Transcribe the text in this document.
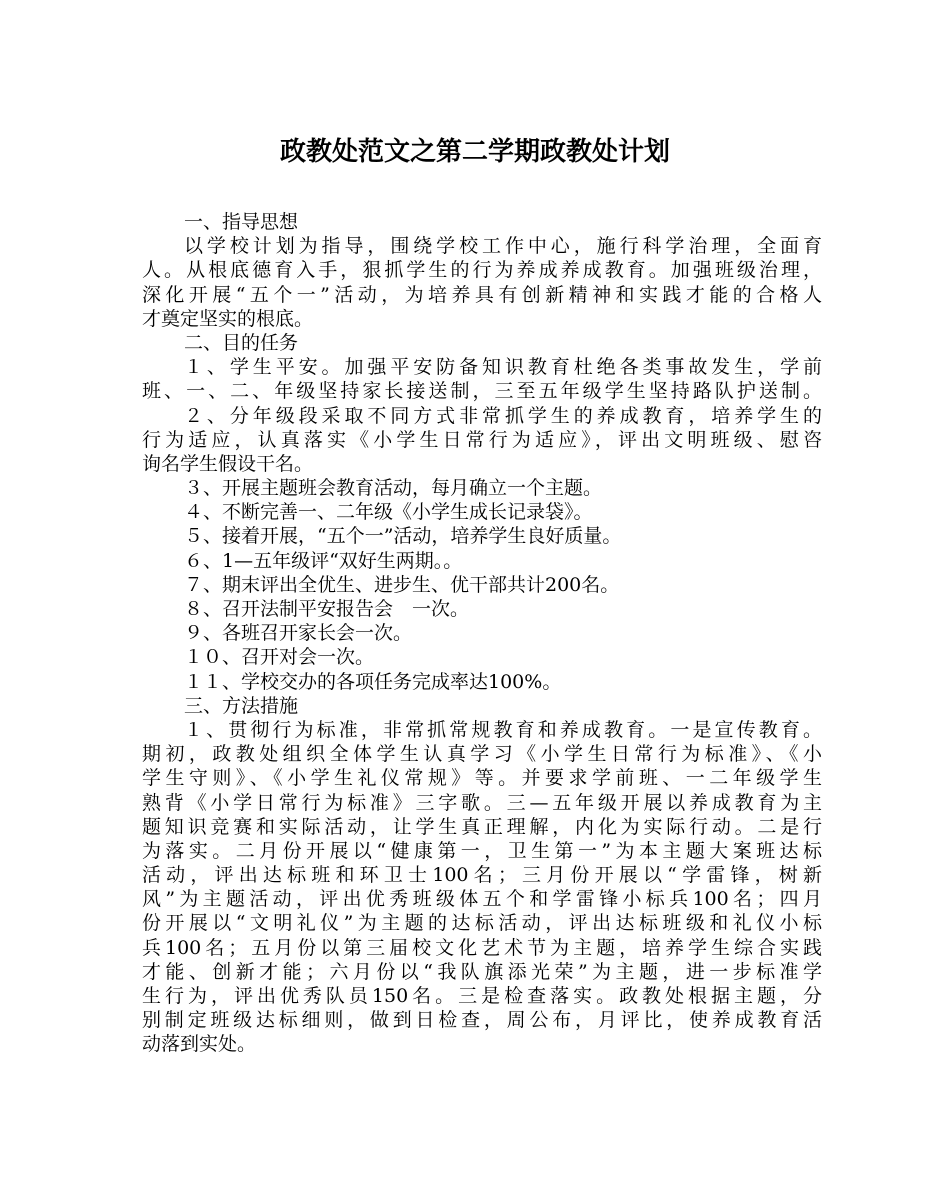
政教处范文之第二学期政教处计划
一、指导思想
以学校计划为指导，围绕学校工作中心，施行科学治理，全面育
人。从根底德育入手，狠抓学生的行为养成养成教育。加强班级治理，
深化开展“五个一”活动，为培养具有创新精神和实践才能的合格人
才奠定坚实的根底。
二、目的任务
１、学生平安。加强平安防备知识教育杜绝各类事故发生，学前
班、一、二、年级坚持家长接送制，三至五年级学生坚持路队护送制。
２、分年级段采取不同方式非常抓学生的养成教育，培养学生的
行为适应，认真落实《小学生日常行为适应》，评出文明班级、慰咨
询名学生假设干名。
３、开展主题班会教育活动，每月确立一个主题。
４、不断完善一、二年级《小学生成长记录袋》。
５、接着开展，“五个一”活动，培养学生良好质量。
６、1—五年级评“双好生两期。。
７、期末评出全优生、进步生、优干部共计200名。
８、召开法制平安报告会　一次。
９、各班召开家长会一次。
１０、召开对会一次。
１１、学校交办的各项任务完成率达100%。
三、方法措施
１、贯彻行为标准，非常抓常规教育和养成教育。一是宣传教育。
期初，政教处组织全体学生认真学习《小学生日常行为标准》、《小
学生守则》、《小学生礼仪常规》等。并要求学前班、一二年级学生
熟背《小学日常行为标准》三字歌。三—五年级开展以养成教育为主
题知识竞赛和实际活动，让学生真正理解，内化为实际行动。二是行
为落实。二月份开展以“健康第一，卫生第一”为本主题大案班达标
活动，评出达标班和环卫士100名；三月份开展以“学雷锋，树新
风”为主题活动，评出优秀班级体五个和学雷锋小标兵100名；四月
份开展以“文明礼仪”为主题的达标活动，评出达标班级和礼仪小标
兵100名；五月份以第三届校文化艺术节为主题，培养学生综合实践
才能、创新才能；六月份以“我队旗添光荣”为主题，进一步标准学
生行为，评出优秀队员150名。三是检查落实。政教处根据主题，分
别制定班级达标细则，做到日检查，周公布，月评比，使养成教育活
动落到实处。
